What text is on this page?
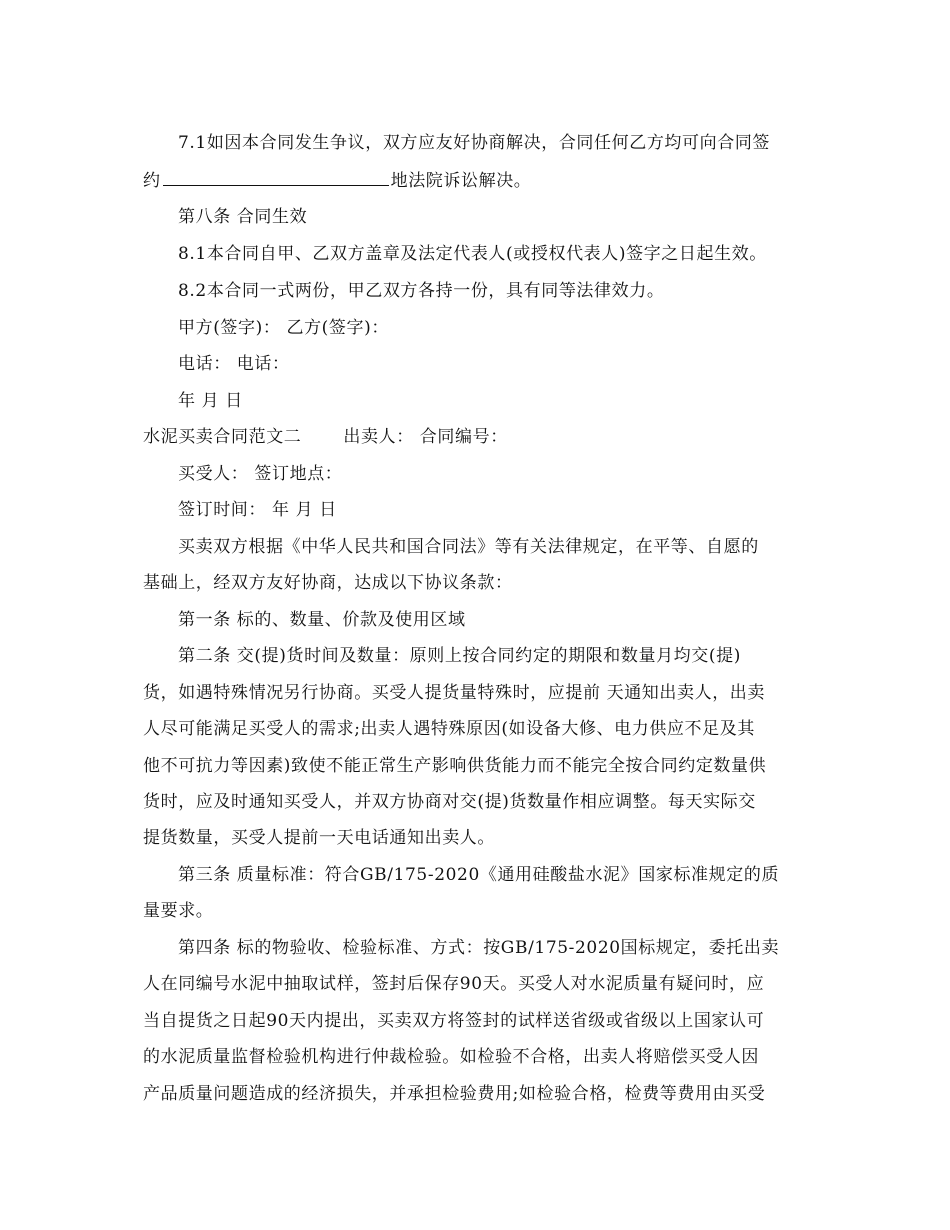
7.1如因本合同发生争议，双方应友好协商解决，合同任何乙方均可向合同签
约	地法院诉讼解决。
第八条 合同生效
8.1本合同自甲、乙双方盖章及法定代表人(或授权代表人)签字之日起生效。
8.2本合同一式两份，甲乙双方各持一份，具有同等法律效力。
甲方(签字)： 乙方(签字)：
电话： 电话：
年 月 日
水泥买卖合同范文二 出卖人： 合同编号：
买受人： 签订地点：
签订时间： 年 月 日
买卖双方根据《中华人民共和国合同法》等有关法律规定，在平等、自愿的
基础上，经双方友好协商，达成以下协议条款：
第一条 标的、数量、价款及使用区域
第二条 交(提)货时间及数量：原则上按合同约定的期限和数量月均交(提)
货，如遇特殊情况另行协商。买受人提货量特殊时，应提前 天通知出卖人，出卖
人尽可能满足买受人的需求;出卖人遇特殊原因(如设备大修、电力供应不足及其
他不可抗力等因素)致使不能正常生产影响供货能力而不能完全按合同约定数量供
货时，应及时通知买受人，并双方协商对交(提)货数量作相应调整。每天实际交
提货数量，买受人提前一天电话通知出卖人。
第三条 质量标准：符合GB/175-2020《通用硅酸盐水泥》国家标准规定的质
量要求。
第四条 标的物验收、检验标准、方式：按GB/175-2020国标规定，委托出卖
人在同编号水泥中抽取试样，签封后保存90天。买受人对水泥质量有疑问时，应
当自提货之日起90天内提出，买卖双方将签封的试样送省级或省级以上国家认可
的水泥质量监督检验机构进行仲裁检验。如检验不合格，出卖人将赔偿买受人因
产品质量问题造成的经济损失，并承担检验费用;如检验合格，检费等费用由买受
